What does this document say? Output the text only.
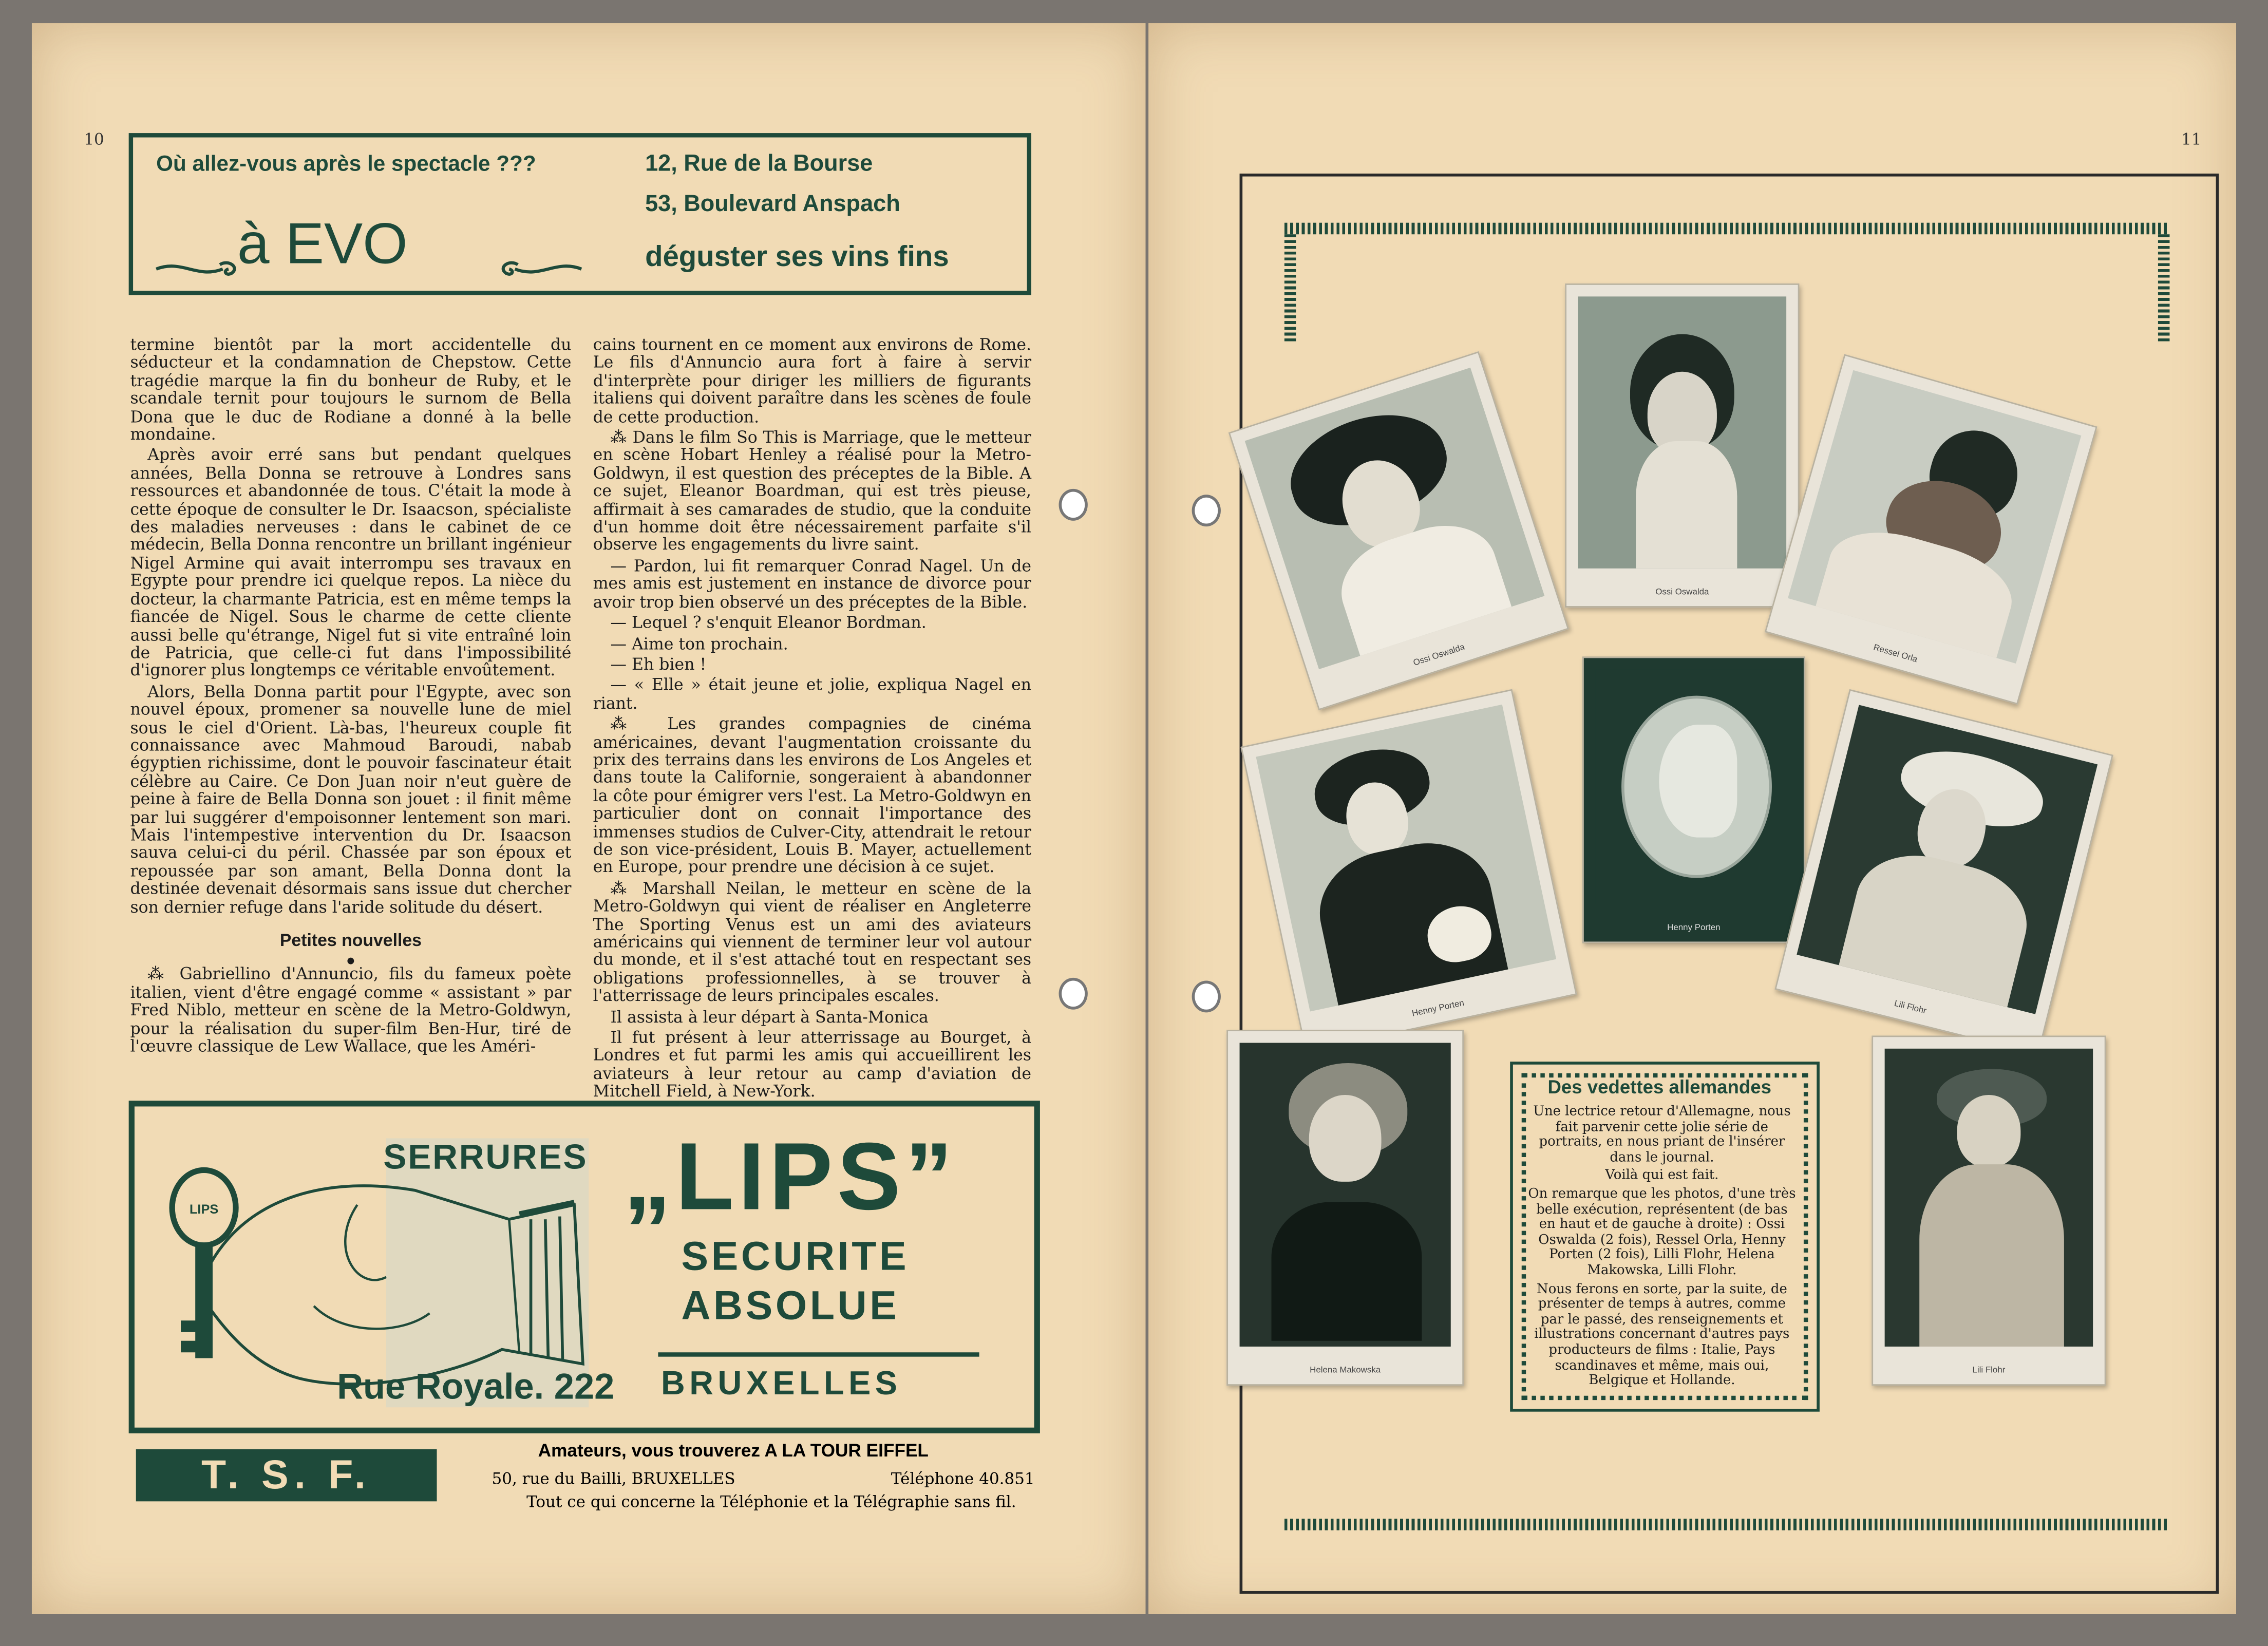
10
Où allez-vous après le spectacle ???	12, Rue de la Bourse
53, Boulevard Anspach
à EVO	déguster ses vins fins

termine bientôt par la mort accidentelle du séducteur et la condamnation de Chepstow. Cette tragédie marque la fin du bonheur de Ruby, et le scandale ternit pour toujours le surnom de Bella Dona que le duc de Rodiane a donné à la belle mondaine.

Après avoir erré sans but pendant quelques années, Bella Donna se retrouve à Londres sans ressources et abandonnée de tous. C'était la mode à cette époque de consulter le Dr. Isaacson, spécialiste des maladies nerveuses : dans le cabinet de ce médecin, Bella Donna rencontre un brillant ingénieur Nigel Armine qui avait interrompu ses travaux en Egypte pour prendre ici quelque repos. La nièce du docteur, la charmante Patricia, est en même temps la fiancée de Nigel. Sous le charme de cette cliente aussi belle qu'étrange, Nigel fut si vite entraîné loin de Patricia, que celle-ci fut dans l'impossibilité d'ignorer plus longtemps ce véritable envoûtement.

Alors, Bella Donna partit pour l'Egypte, avec son nouvel époux, promener sa nouvelle lune de miel sous le ciel d'Orient. Là-bas, l'heureux couple fit connaissance avec Mahmoud Baroudi, nabab égyptien richissime, dont le pouvoir fascinateur était célèbre au Caire. Ce Don Juan noir n'eut guère de peine à faire de Bella Donna son jouet : il finit même par lui suggérer d'empoisonner lentement son mari. Mais l'intempestive intervention du Dr. Isaacson sauva celui-ci du péril. Chassée par son époux et repoussée par son amant, Bella Donna dont la destinée devenait désormais sans issue dut chercher son dernier refuge dans l'aride solitude du désert.

Petites nouvelles
●

⁂ Gabriellino d'Annuncio, fils du fameux poète italien, vient d'être engagé comme « assistant » par Fred Niblo, metteur en scène de la Metro-Goldwyn, pour la réalisation du super-film Ben-Hur, tiré de l'œuvre classique de Lew Wallace, que les Améri-

cains tournent en ce moment aux environs de Rome. Le fils d'Annuncio aura fort à faire à servir d'interprète pour diriger les milliers de figurants italiens qui doivent paraître dans les scènes de foule de cette production.

⁂ Dans le film So This is Marriage, que le metteur en scène Hobart Henley a réalisé pour la Metro-Goldwyn, il est question des préceptes de la Bible. A ce sujet, Eleanor Boardman, qui est très pieuse, affirmait à ses camarades de studio, que la conduite d'un homme doit être nécessairement parfaite s'il observe les engagements du livre saint.

— Pardon, lui fit remarquer Conrad Nagel. Un de mes amis est justement en instance de divorce pour avoir trop bien observé un des préceptes de la Bible.

— Lequel ? s'enquit Eleanor Bordman.

— Aime ton prochain.

— Eh bien !

— « Elle » était jeune et jolie, expliqua Nagel en riant.

⁂ Les grandes compagnies de cinéma américaines, devant l'augmentation croissante du prix des terrains dans les environs de Los Angeles et dans toute la Californie, songeraient à abandonner la côte pour émigrer vers l'est. La Metro-Goldwyn en particulier dont on connait l'importance des immenses studios de Culver-City, attendrait le retour de son vice-président, Louis B. Mayer, actuellement en Europe, pour prendre une décision à ce sujet.

⁂ Marshall Neilan, le metteur en scène de la Metro-Goldwyn qui vient de réaliser en Angleterre The Sporting Venus est un ami des aviateurs américains qui viennent de terminer leur vol autour du monde, et il s'est attaché tout en respectant ses obligations professionnelles, à se trouver à l'atterrissage de leurs principales escales.

Il assista à leur départ à Santa-Monica

Il fut présent à leur atterrissage au Bourget, à Londres et fut parmi les amis qui accueillirent les aviateurs à leur retour au camp d'aviation de Mitchell Field, à New-York.

LIPS
SERRURES
Rue Royale. 222
„LIPS”
SECURITE
ABSOLUE
BRUXELLES
T. S. F.
Amateurs, vous trouverez A LA TOUR EIFFEL
50, rue du Bailli, BRUXELLES	Téléphone 40.851
Tout ce qui concerne la Téléphonie et la Télégraphie sans fil.
11
Ossi Oswalda
Ossi Oswalda	Ressel Orla
Henny Porten
Henny Porten	Lili Flohr
Helena Makowska	Lili Flohr
Des vedettes allemandes

Une lectrice retour d'Allemagne, nous fait parvenir cette jolie série de portraits, en nous priant de l'insérer dans le journal.

Voilà qui est fait.

On remarque que les photos, d'une très belle exécution, représentent (de bas en haut et de gauche à droite) : Ossi Oswalda (2 fois), Ressel Orla, Henny Porten (2 fois), Lilli Flohr, Helena Makowska, Lilli Flohr.

Nous ferons en sorte, par la suite, de présenter de temps à autres, comme par le passé, des renseignements et illustrations concernant d'autres pays producteurs de films : Italie, Pays scandinaves et même, mais oui, Belgique et Hollande.
